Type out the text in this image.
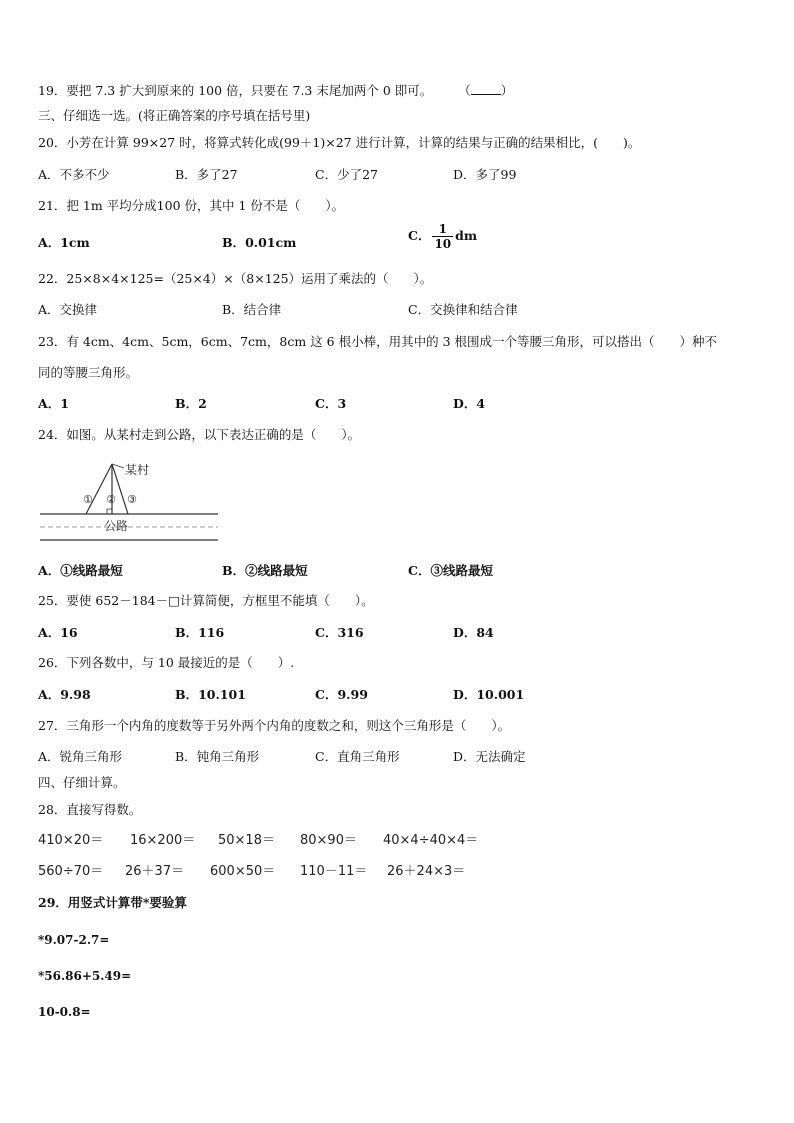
19．要把 7.3 扩大到原来的 100 倍，只要在 7.3 末尾加两个 0 即可。 （ ）
三、仔细选一选。(将正确答案的序号填在括号里)
20．小芳在计算 99×27 时，将算式转化成(99＋1)×27 进行计算，计算的结果与正确的结果相比，(　　)。
A．不多不少	B．多了27	C．少了27	D．多了99
21．把 1m 平均分成100 份，其中 1 份不是（　　）。
A．1cm	B．0.01cm	C． $\frac{1}{10}$ dm
22．25×8×4×125=（25×4）×（8×125）运用了乘法的（　　）。
A．交换律	B．结合律	C．交换律和结合律
23．有 4cm、4cm、5cm，6cm、7cm，8cm 这 6 根小棒，用其中的 3 根围成一个等腰三角形，可以搭出（　　）种不
同的等腰三角形。
A．1	B．2	C．3	D．4
24．如图。从某村走到公路，以下表达正确的是（　　）。
某村
① ② ③
公路
A．①线路最短	B．②线路最短	C．③线路最短
25．要使 652－184－□计算简便，方框里不能填（　　）。
A．16	B．116	C．316	D．84
26．下列各数中，与 10 最接近的是（　　）.
A．9.98	B．10.101	C．9.99	D．10.001
27．三角形一个内角的度数等于另外两个内角的度数之和，则这个三角形是（　　）。
A．锐角三角形	B．钝角三角形	C．直角三角形	D．无法确定
四、仔细计算。
28．直接写得数。
410×20＝ 16×200＝ 50×18＝ 80×90＝ 40×4÷40×4＝
560÷70＝ 26＋37＝ 600×50＝ 110－11＝ 26＋24×3＝
29．用竖式计算带*要验算
*9.07-2.7=
*56.86+5.49=
10-0.8=
